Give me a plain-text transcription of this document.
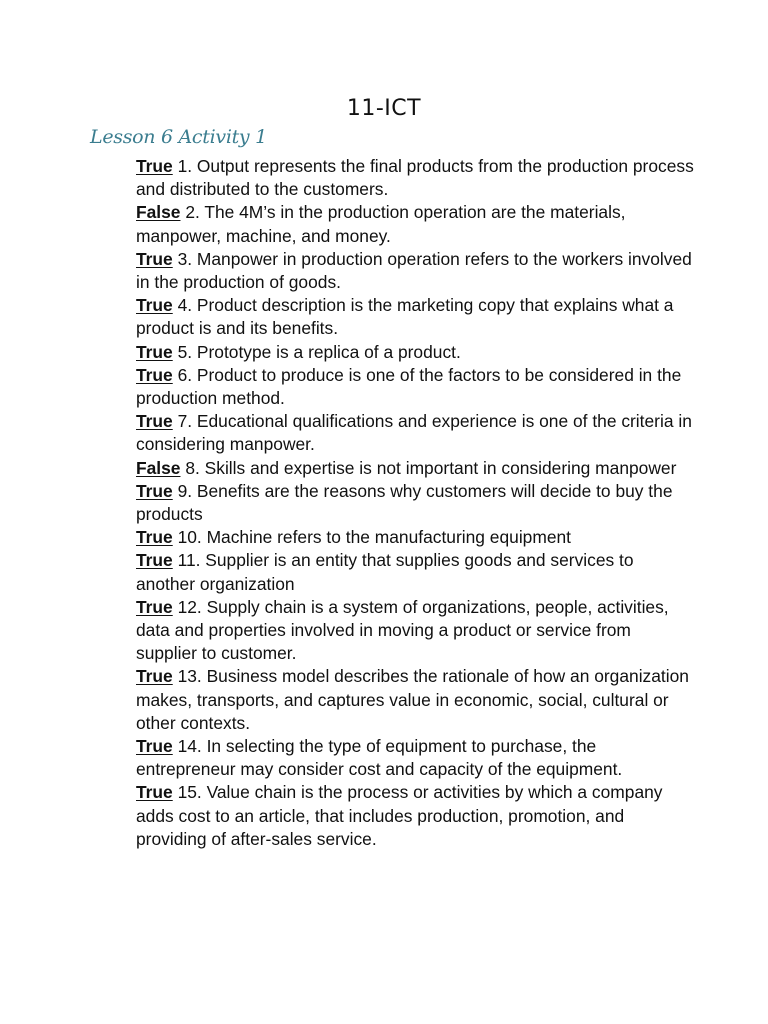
11-ICT
Lesson 6 Activity 1
True 1. Output represents the final products from the production process and distributed to the customers.
False 2. The 4M’s in the production operation are the materials, manpower, machine, and money.
True 3. Manpower in production operation refers to the workers involved in the production of goods.
True 4. Product description is the marketing copy that explains what a product is and its benefits.
True 5. Prototype is a replica of a product.
True 6. Product to produce is one of the factors to be considered in the production method.
True 7. Educational qualifications and experience is one of the criteria in considering manpower.
False 8. Skills and expertise is not important in considering manpower
True 9. Benefits are the reasons why customers will decide to buy the products
True 10. Machine refers to the manufacturing equipment
True 11. Supplier is an entity that supplies goods and services to another organization
True 12. Supply chain is a system of organizations, people, activities, data and properties involved in moving a product or service from supplier to customer.
True 13. Business model describes the rationale of how an organization makes, transports, and captures value in economic, social, cultural or other contexts.
True 14. In selecting the type of equipment to purchase, the entrepreneur may consider cost and capacity of the equipment.
True 15. Value chain is the process or activities by which a company adds cost to an article, that includes production, promotion, and providing of after-sales service.
